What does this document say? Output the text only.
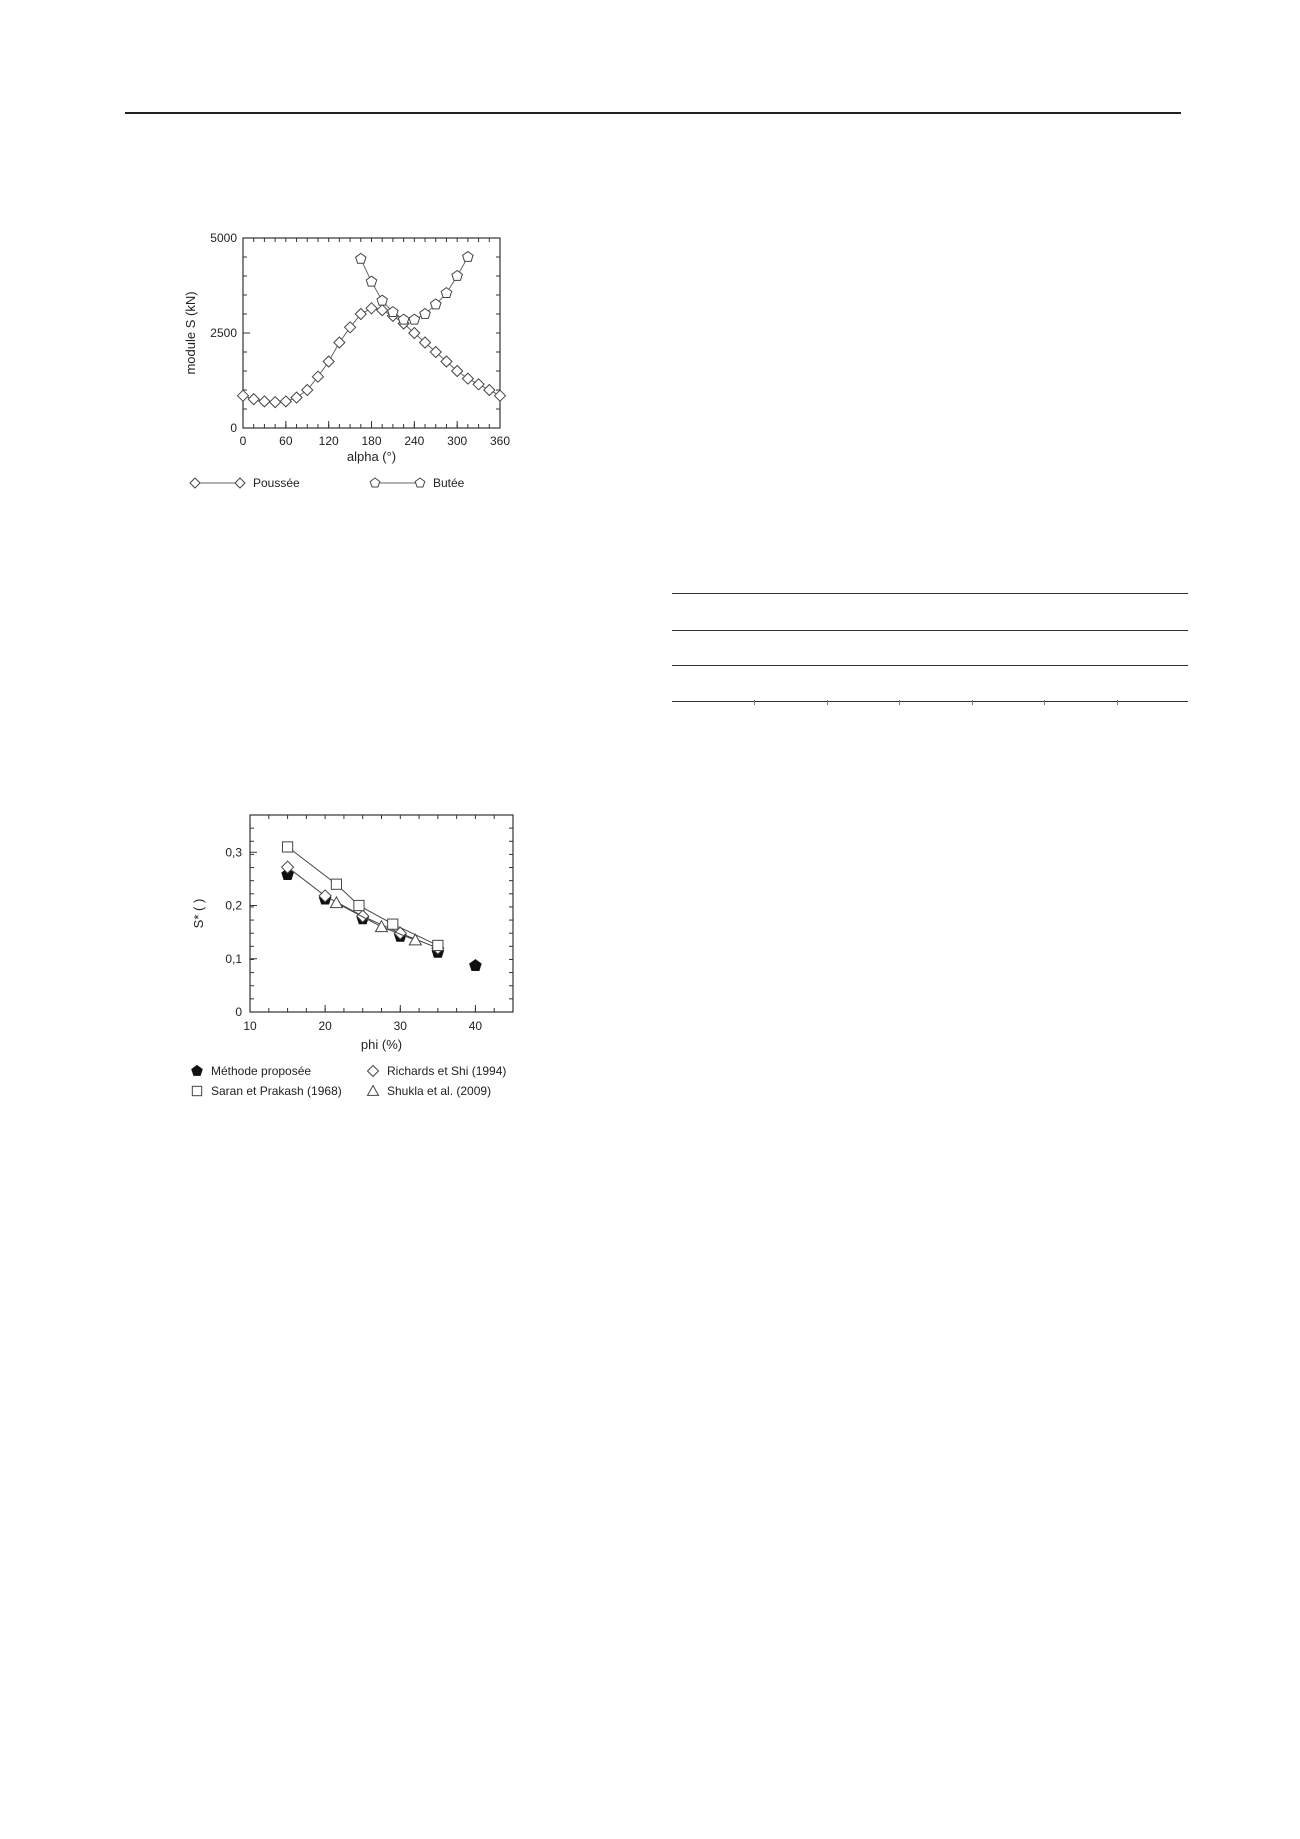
0	60 120 180 240 300 360
0
2500
5000
alpha (°)
module S (kN)
Poussée	Butée
10	20	30	40
0
0,1
0,2
0,3
phi (%)
S* ( )
Méthode proposée	Richards et Shi (1994)
Saran et Prakash (1968)	Shukla et al. (2009)
